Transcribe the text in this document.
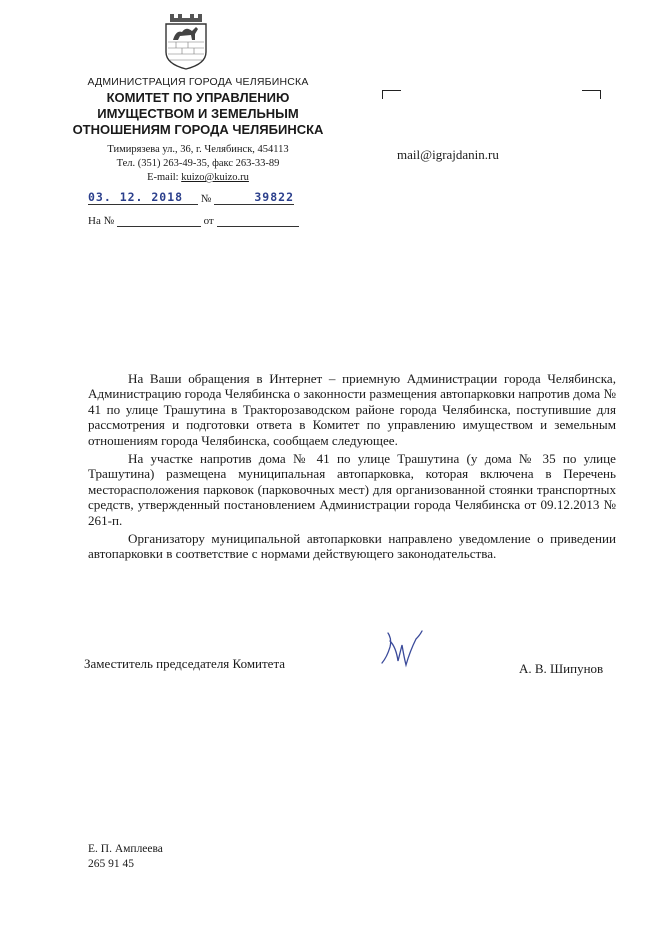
АДМИНИСТРАЦИЯ ГОРОДА ЧЕЛЯБИНСКА
КОМИТЕТ ПО УПРАВЛЕНИЮ
ИМУЩЕСТВОМ И ЗЕМЕЛЬНЫМ
ОТНОШЕНИЯМ ГОРОДА ЧЕЛЯБИНСКА
Тимирязева ул., 36, г. Челябинск, 454113
Тел. (351) 263-49-35, факс 263-33-89
E-mail: kuizo@kuizo.ru
03. 12. 2018 №	39822
На №	от
mail@igrajdanin.ru

На Ваши обращения в Интернет – приемную Администрации города Челябинска, Администрацию города Челябинска о законности размещения автопарковки напротив дома № 41 по улице Трашутина в Тракторозаводском районе города Челябинска, поступившие для рассмотрения и подготовки ответа в Комитет по управлению имуществом и земельным отношениям города Челябинска, сообщаем следующее.

На участке напротив дома № 41 по улице Трашутина (у дома № 35 по улице Трашутина) размещена муниципальная автопарковка, которая включена в Перечень месторасположения парковок (парковочных мест) для организованной стоянки транспортных средств, утвержденный постановлением Администрации города Челябинска от 09.12.2013 № 261-п.

Организатору муниципальной автопарковки направлено уведомление о приведении автопарковки в соответствие с нормами действующего законодательства.

Заместитель председателя Комитета	А. В. Шипунов
Е. П. Амплеева
265 91 45
